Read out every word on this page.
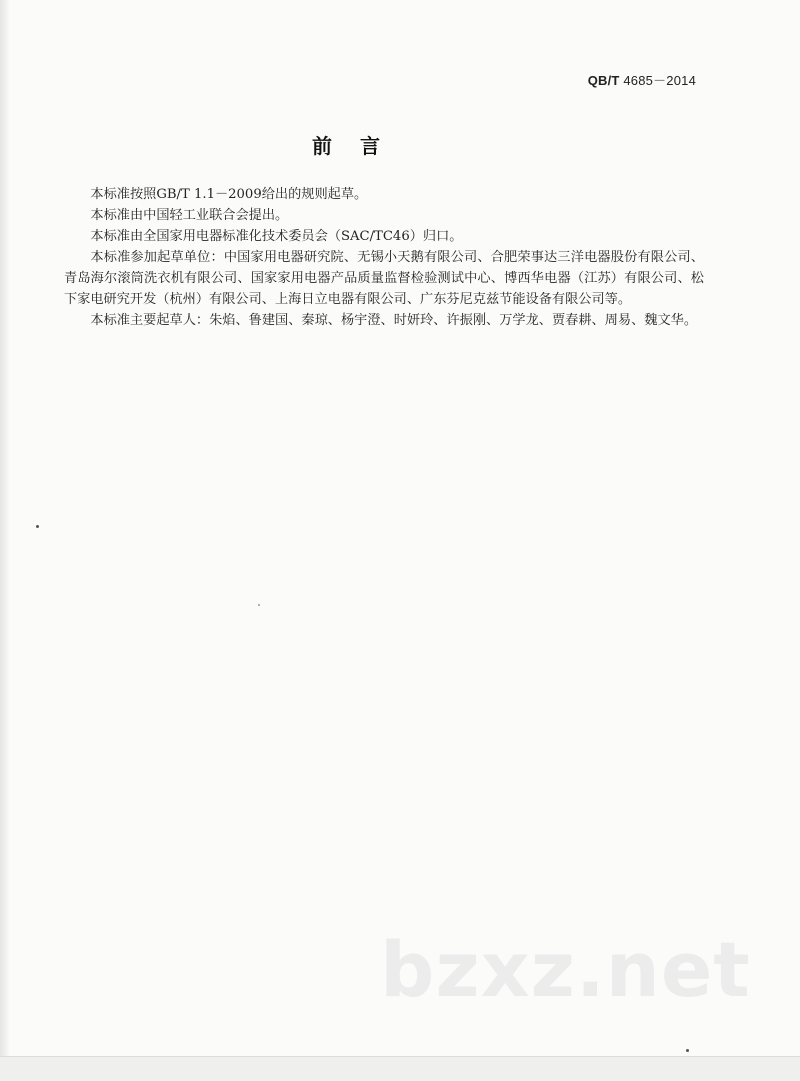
QB/T 4685－2014
前言

本标准按照GB/T 1.1－2009给出的规则起草。

本标准由中国轻工业联合会提出。

本标准由全国家用电器标准化技术委员会（SAC/TC46）归口。

本标准参加起草单位：中国家用电器研究院、无锡小天鹅有限公司、合肥荣事达三洋电器股份有限公司、青岛海尔滚筒洗衣机有限公司、国家家用电器产品质量监督检验测试中心、博西华电器（江苏）有限公司、松下家电研究开发（杭州）有限公司、上海日立电器有限公司、广东芬尼克兹节能设备有限公司等。

本标准主要起草人：朱焰、鲁建国、秦琼、杨宇澄、时妍玲、许振刚、万学龙、贾春耕、周易、魏文华。

bzxz.net
